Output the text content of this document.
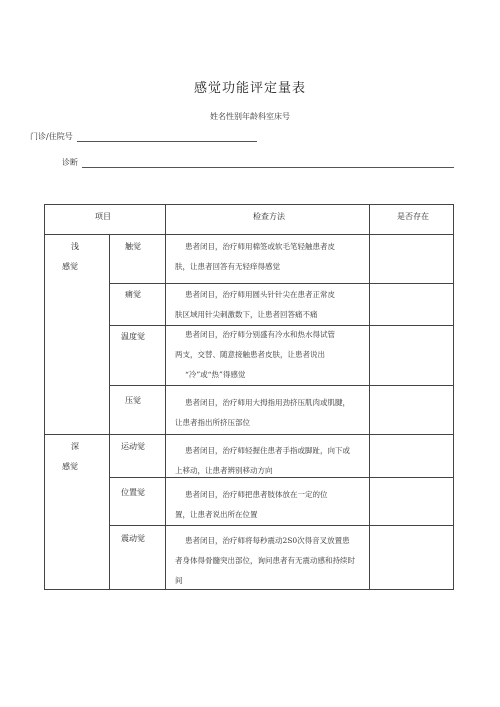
感觉功能评定量表
姓名性别年龄科室床号
门诊/住院号
诊断
项目	检查方法	是否存在
浅
感觉
触觉	患者闭目，治疗师用棉签或软毛笔轻触患者皮
肤，让患者回答有无轻痒得感觉
痛觉	患者闭目，治疗师用圆头针针尖在患者正常皮
肤区域用针尖刺激数下，让患者回答痛不痛
温度觉	患者闭目，治疗师分别盛有冷水和热水得试管
两支，交替、随意接触患者皮肤，让患者说出
“冷”或“热”得感觉
压觉	患者闭目，治疗师用大拇指用劲挤压肌肉或肌腱，
让患者指出所挤压部位
深
感觉
运动觉	患者闭目，治疗师轻握住患者手指或脚趾，向下或
上移动，让患者辨别移动方向
位置觉	患者闭目，治疗师把患者肢体放在一定的位
置，让患者说出所在位置
震动觉	患者闭目，治疗师将每秒震动2S0次得音叉放置患
者身体得骨髓突出部位，询问患者有无震动感和持续时
间
